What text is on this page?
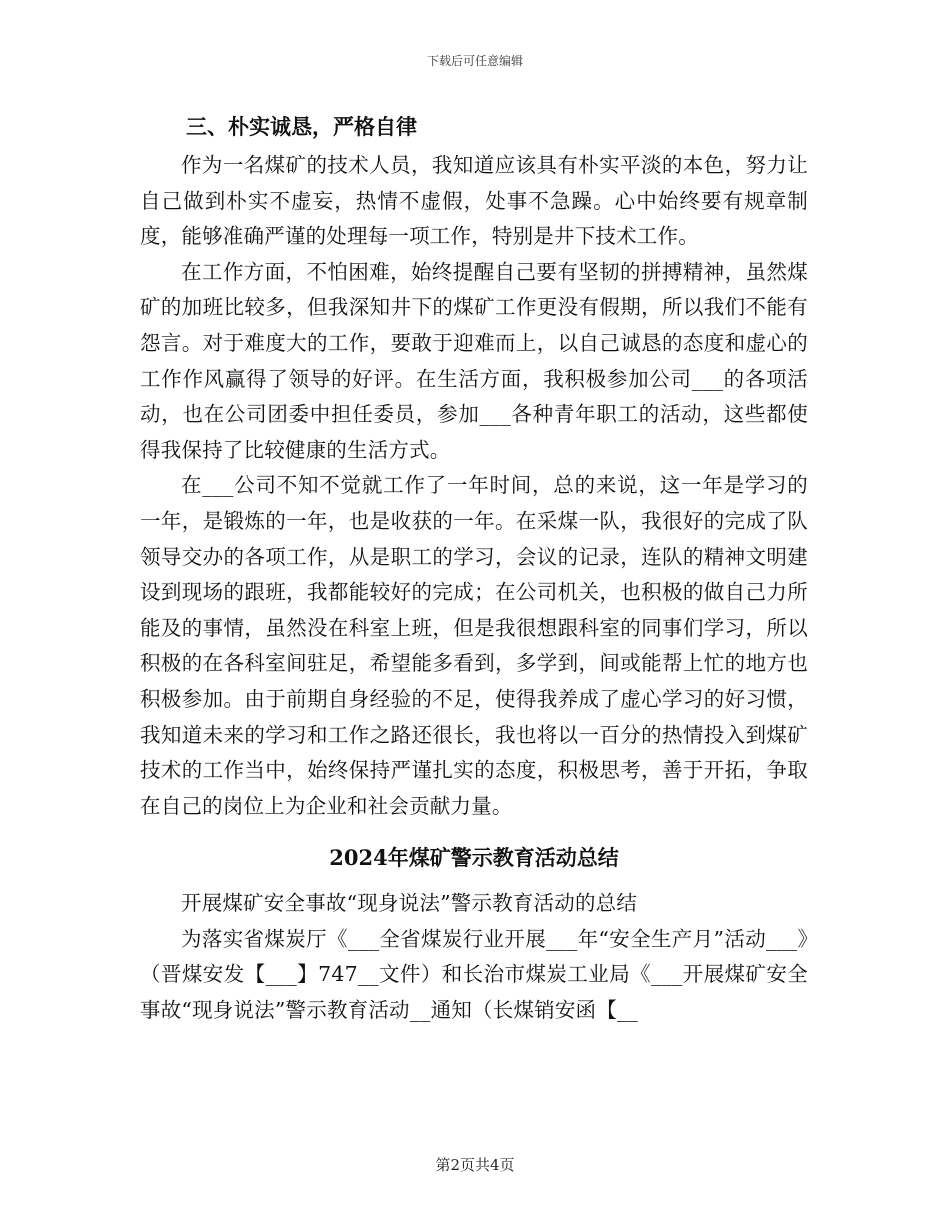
下载后可任意编辑
三、朴实诚恳，严格自律

作为一名煤矿的技术人员，我知道应该具有朴实平淡的本色，努力让自己做到朴实不虚妄，热情不虚假，处事不急躁。心中始终要有规章制度，能够准确严谨的处理每一项工作，特别是井下技术工作。

在工作方面，不怕困难，始终提醒自己要有坚韧的拼搏精神，虽然煤矿的加班比较多，但我深知井下的煤矿工作更没有假期，所以我们不能有怨言。对于难度大的工作，要敢于迎难而上，以自己诚恳的态度和虚心的工作作风赢得了领导的好评。在生活方面，我积极参加公司___的各项活动，也在公司团委中担任委员，参加___各种青年职工的活动，这些都使得我保持了比较健康的生活方式。

在___公司不知不觉就工作了一年时间，总的来说，这一年是学习的一年，是锻炼的一年，也是收获的一年。在采煤一队，我很好的完成了队领导交办的各项工作，从是职工的学习，会议的记录，连队的精神文明建设到现场的跟班，我都能较好的完成；在公司机关，也积极的做自己力所能及的事情，虽然没在科室上班，但是我很想跟科室的同事们学习，所以积极的在各科室间驻足，希望能多看到，多学到，间或能帮上忙的地方也积极参加。由于前期自身经验的不足，使得我养成了虚心学习的好习惯，我知道未来的学习和工作之路还很长，我也将以一百分的热情投入到煤矿技术的工作当中，始终保持严谨扎实的态度，积极思考，善于开拓，争取在自己的岗位上为企业和社会贡献力量。

2024年煤矿警示教育活动总结

开展煤矿安全事故“现身说法”警示教育活动的总结

为落实省煤炭厅《___全省煤炭行业开展___年“安全生产月”活动___》（晋煤安发【___】747__文件）和长治市煤炭工业局《___开展煤矿安全事故“现身说法”警示教育活动__通知（长煤销安函【__

第2页共4页
